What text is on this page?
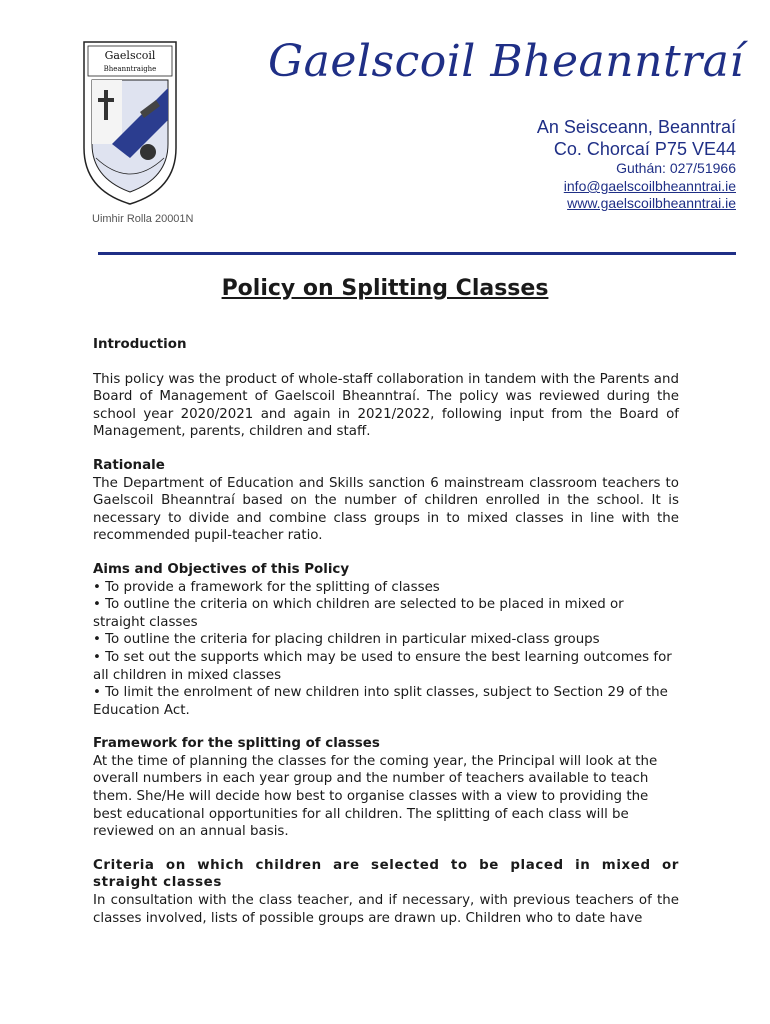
Gaelscoil
Bheanntraighe	Gaelscoil Bheanntraí
An Seisceann, Beanntraí
Co. Chorcaí P75 VE44
Guthán: 027/51966
info@gaelscoilbheanntrai.ie
www.gaelscoilbheanntrai.ie
Uimhir Rolla 20001N
Policy on Splitting Classes

Introduction

This policy was the product of whole-staff collaboration in tandem with the Parents and Board of Management of Gaelscoil Bheanntraí. The policy was reviewed during the school year 2020/2021 and again in 2021/2022, following input from the Board of Management, parents, children and staff.

Rationale

The Department of Education and Skills sanction 6 mainstream classroom teachers to Gaelscoil Bheanntraí based on the number of children enrolled in the school. It is necessary to divide and combine class groups in to mixed classes in line with the recommended pupil-teacher ratio.

Aims and Objectives of this Policy

• To provide a framework for the splitting of classes

• To outline the criteria on which children are selected to be placed in mixed or straight classes

• To outline the criteria for placing children in particular mixed-class groups

• To set out the supports which may be used to ensure the best learning outcomes for all children in mixed classes

• To limit the enrolment of new children into split classes, subject to Section 29 of the Education Act.

Framework for the splitting of classes

At the time of planning the classes for the coming year, the Principal will look at the overall numbers in each year group and the number of teachers available to teach them. She/He will decide how best to organise classes with a view to providing the best educational opportunities for all children. The splitting of each class will be reviewed on an annual basis.

Criteria on which children are selected to be placed in mixed or straight classes

In consultation with the class teacher, and if necessary, with previous teachers of the classes involved, lists of possible groups are drawn up. Children who to date have
